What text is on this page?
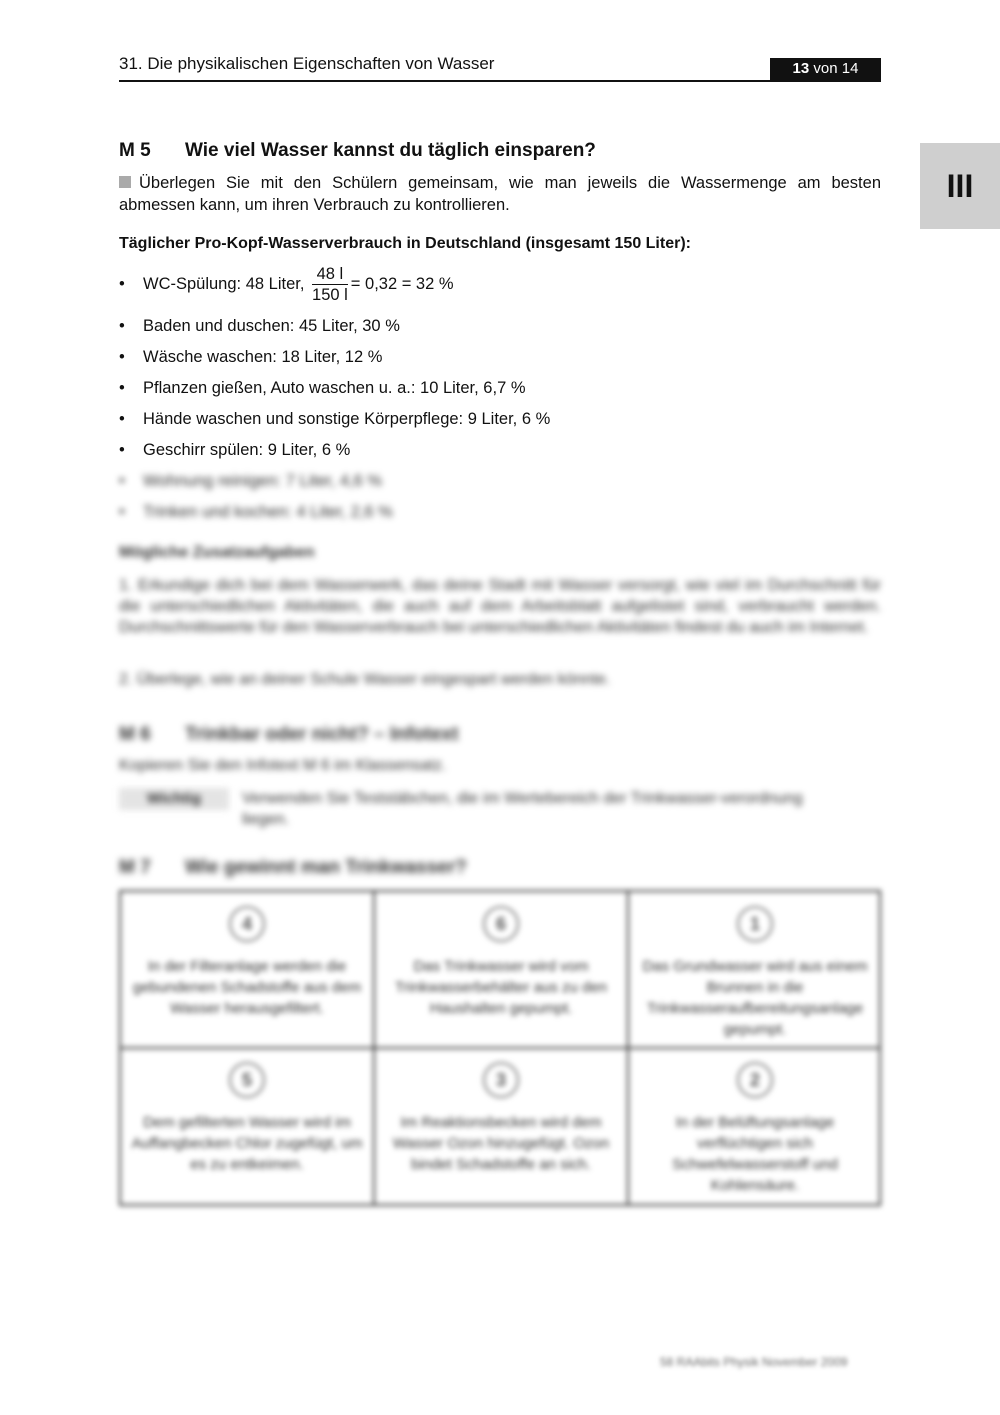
31. Die physikalischen Eigenschaften von Wasser	13 von 14
III
M 5 Wie viel Wasser kannst du täglich einsparen?
Überlegen Sie mit den Schülern gemeinsam, wie man jeweils die Wassermenge am besten abmessen kann, um ihren Verbrauch zu kontrollieren.
Täglicher Pro-Kopf-Wasserverbrauch in Deutschland (insgesamt 150 Liter):
• WC-Spülung: 48 Liter, $\frac{48 l}{150 l} = 0,32 = 32$ %
• Baden und duschen: 45 Liter, 30 %
• Wäsche waschen: 18 Liter, 12 %
• Pflanzen gießen, Auto waschen u. a.: 10 Liter, 6,7 %
• Hände waschen und sonstige Körperpflege: 9 Liter, 6 %
• Geschirr spülen: 9 Liter, 6 %
• Wohnung reinigen: 7 Liter, 4,6 %
• Trinken und kochen: 4 Liter, 2,6 %
Mögliche Zusatzaufgaben
1. Erkundige dich bei dem Wasserwerk, das deine Stadt mit Wasser versorgt, wie viel im Durchschnitt für die unterschiedlichen Aktivitäten, die auch auf dem Arbeitsblatt aufgelistet sind, verbraucht werden. Durchschnittswerte für den Wasserverbrauch bei unterschiedlichen Aktivitäten findest du auch im Internet.
2. Überlege, wie an deiner Schule Wasser eingespart werden könnte.
M 6 Trinkbar oder nicht? – Infotext
Kopieren Sie den Infotext M 6 im Klassensatz.
Wichtig	Verwenden Sie Teststäbchen, die im Wertebereich der Trinkwasser-verordnung liegen.
M 7 Wie gewinnt man Trinkwasser?
4
In der Filteranlage werden die gebundenen Schadstoffe aus dem Wasser herausgefiltert.
6
Das Trinkwasser wird vom Trinkwasserbehälter aus zu den Haushalten gepumpt.
1
Das Grundwasser wird aus einem Brunnen in die Trinkwasseraufbereitungsanlage gepumpt.
5
Dem gefilterten Wasser wird im Auffangbecken Chlor zugefügt, um es zu entkeimen.
3
Im Reaktionsbecken wird dem Wasser Ozon hinzugefügt. Ozon bindet Schadstoffe an sich.
2
In der Belüftungsanlage verflüchtigen sich Schwefelwasserstoff und Kohlensäure.
58 RAAbits Physik November 2009
